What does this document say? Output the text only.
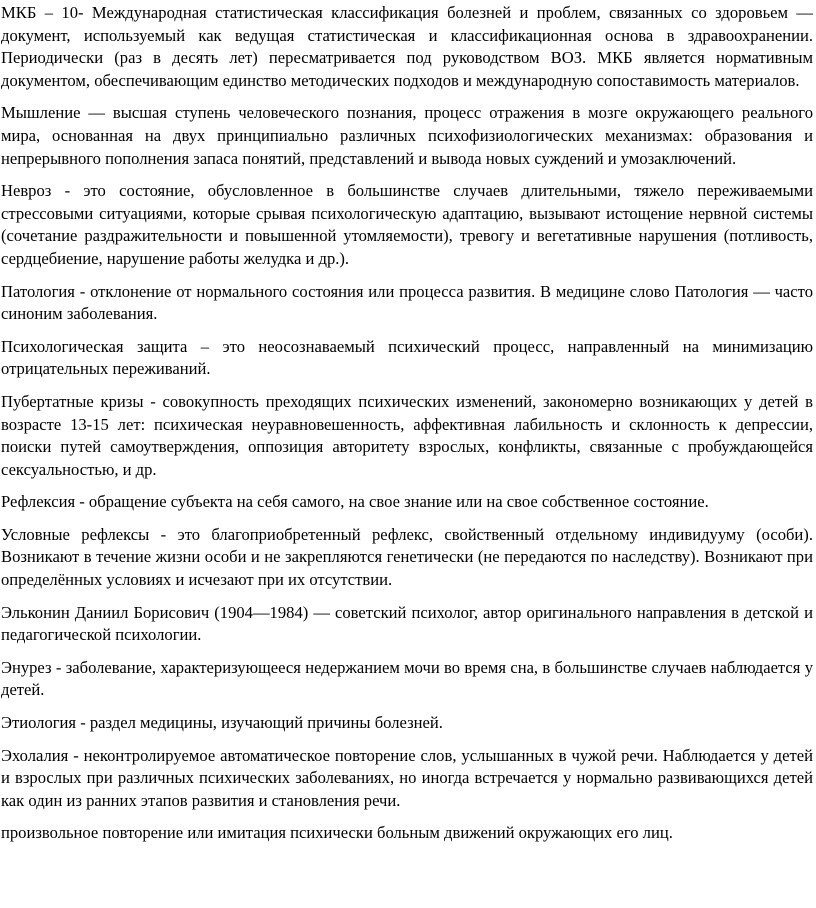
МКБ – 10- Международная статистическая классификация болезней и проблем, связанных со здоровьем — документ, используемый как ведущая статистическая и классификационная основа в здравоохранении. Периодически (раз в десять лет) пересматривается под руководством ВОЗ. МКБ является нормативным документом, обеспечивающим единство методических подходов и международную сопоставимость материалов.

Мышление — высшая ступень человеческого познания, процесс отражения в мозге окружающего реального мира, основанная на двух принципиально различных психофизиологических механизмах: образования и непрерывного пополнения запаса понятий, представлений и вывода новых суждений и умозаключений.

Невроз - это состояние, обусловленное в большинстве случаев длительными, тяжело переживаемыми стрессовыми ситуациями, которые срывая психологическую адаптацию, вызывают истощение нервной системы (сочетание раздражительности и повышенной утомляемости), тревогу и вегетативные нарушения (потливость, сердцебиение, нарушение работы желудка и др.).

Патология - отклонение от нормального состояния или процесса развития. В медицине слово Патология — часто синоним заболевания.

Психологическая защита – это неосознаваемый психический процесс, направленный на минимизацию отрицательных переживаний.

Пубертатные кризы - совокупность преходящих психических изменений, закономерно возникающих у детей в возрасте 13-15 лет: психическая неуравновешенность, аффективная лабильность и склонность к депрессии, поиски путей самоутверждения, оппозиция авторитету взрослых, конфликты, связанные с пробуждающейся сексуальностью, и др.

Рефлексия - обращение субъекта на себя самого, на свое знание или на свое собственное состояние.

Условные рефлексы - это благоприобретенный рефлекс, свойственный отдельному индивидууму (особи). Возникают в течение жизни особи и не закрепляются генетически (не передаются по наследству). Возникают при определённых условиях и исчезают при их отсутствии.

Эльконин Даниил Борисович (1904—1984) — советский психолог, автор оригинального направления в детской и педагогической психологии.

Энурез - заболевание, характеризующееся недержанием мочи во время сна, в большинстве случаев наблюдается у детей.

Этиология - раздел медицины, изучающий причины болезней.

Эхолалия - неконтролируемое автоматическое повторение слов, услышанных в чужой речи. Наблюдается у детей и взрослых при различных психических заболеваниях, но иногда встречается у нормально развивающихся детей как один из ранних этапов развития и становления речи.

произвольное повторение или имитация психически больным движений окружающих его лиц.
